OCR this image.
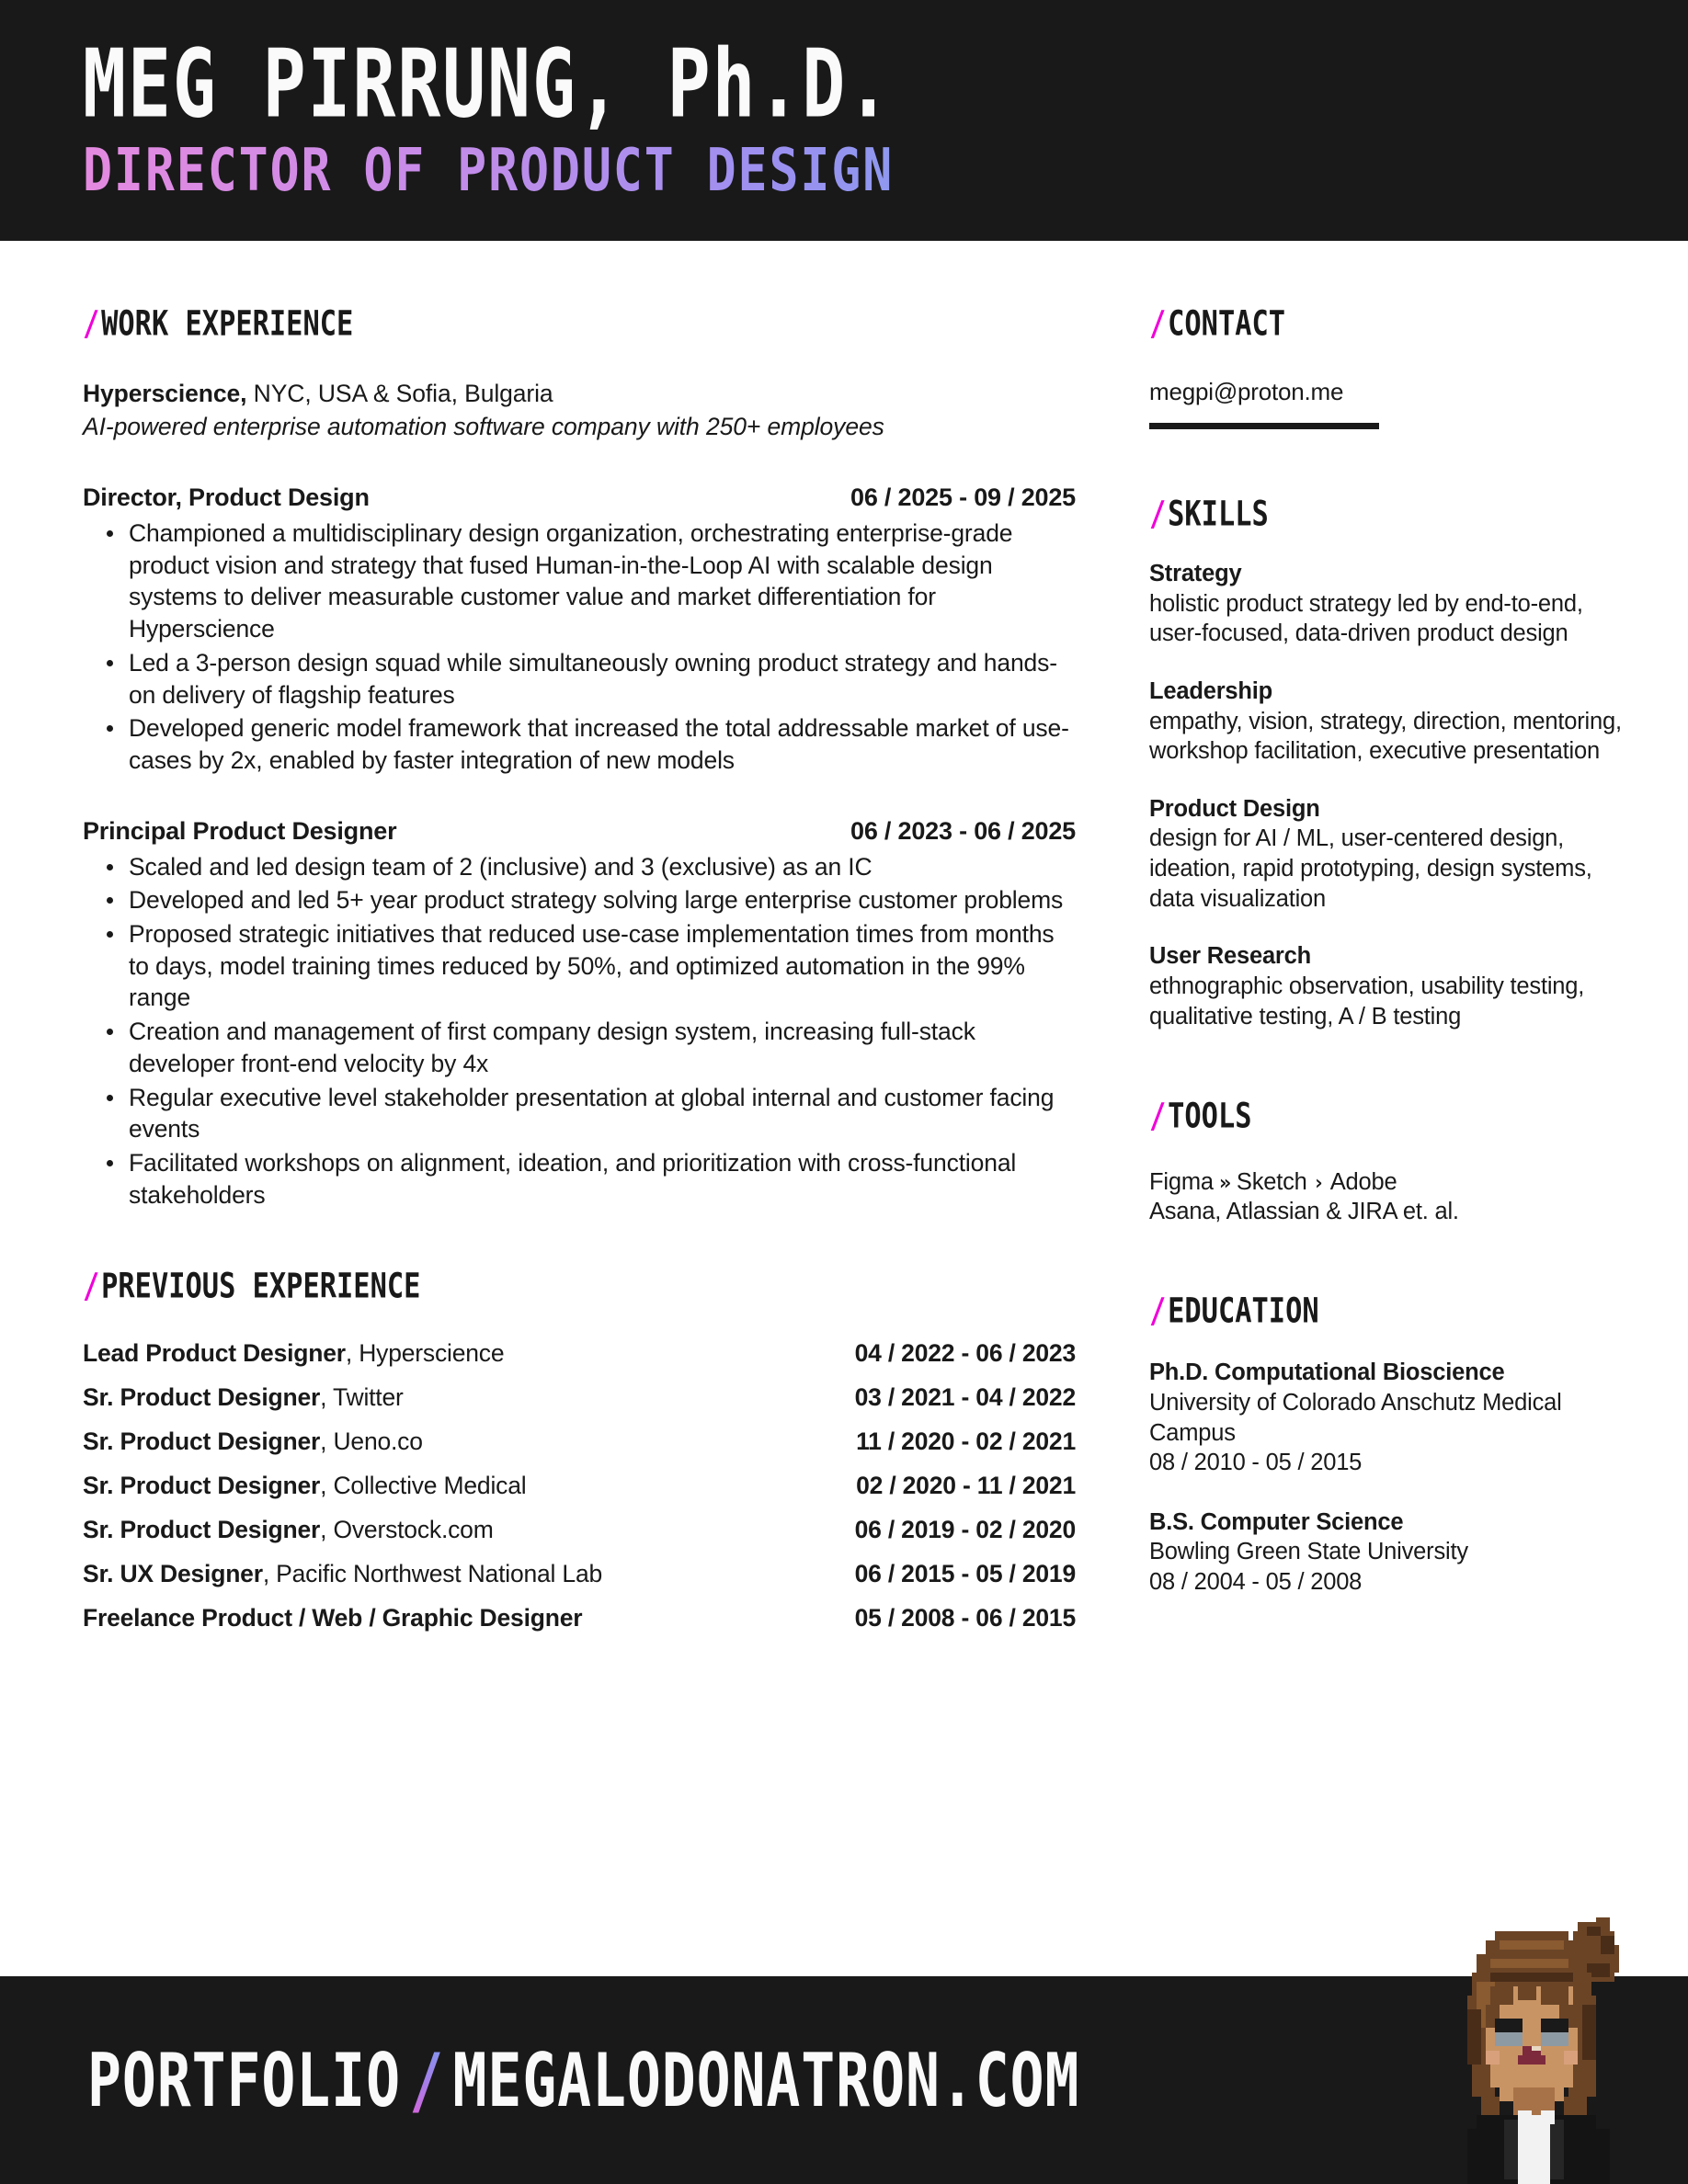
MEG PIRRUNG, Ph.D.
DIRECTOR OF PRODUCT DESIGN
/ WORK EXPERIENCE
Hyperscience, NYC, USA & Sofia, Bulgaria
AI-powered enterprise automation software company with 250+ employees
Director, Product Design	06 / 2025 - 09 / 2025
Championed a multidisciplinary design organization, orchestrating enterprise-grade product vision and strategy that fused Human-in-the-Loop AI with scalable design systems to deliver measurable customer value and market differentiation for Hyperscience
Led a 3-person design squad while simultaneously owning product strategy and hands-on delivery of flagship features
Developed generic model framework that increased the total addressable market of use-cases by 2x, enabled by faster integration of new models
Principal Product Designer	06 / 2023 - 06 / 2025
Scaled and led design team of 2 (inclusive) and 3 (exclusive) as an IC
Developed and led 5+ year product strategy solving large enterprise customer problems
Proposed strategic initiatives that reduced use-case implementation times from months to days, model training times reduced by 50%, and optimized automation in the 99% range
Creation and management of first company design system, increasing full-stack developer front-end velocity by 4x
Regular executive level stakeholder presentation at global internal and customer facing events
Facilitated workshops on alignment, ideation, and prioritization with cross-functional stakeholders
/ PREVIOUS EXPERIENCE
Lead Product Designer, Hyperscience	04 / 2022 - 06 / 2023
Sr. Product Designer, Twitter	03 / 2021 - 04 / 2022
Sr. Product Designer, Ueno.co	11 / 2020 - 02 / 2021
Sr. Product Designer, Collective Medical	02 / 2020 - 11 / 2021
Sr. Product Designer, Overstock.com	06 / 2019 - 02 / 2020
Sr. UX Designer, Pacific Northwest National Lab	06 / 2015 - 05 / 2019
Freelance Product / Web / Graphic Designer	05 / 2008 - 06 / 2015
/ CONTACT
megpi@proton.me
/ SKILLS
Strategy
holistic product strategy led by end-to-end, user-focused, data-driven product design
Leadership
empathy, vision, strategy, direction, mentoring, workshop facilitation, executive presentation
Product Design
design for AI / ML, user-centered design, ideation, rapid prototyping, design systems, data visualization
User Research
ethnographic observation, usability testing, qualitative testing, A / B testing
/ TOOLS
Figma » Sketch › Adobe
Asana, Atlassian & JIRA et. al.
/ EDUCATION
Ph.D. Computational Bioscience
University of Colorado Anschutz Medical Campus
08 / 2010 - 05 / 2015
B.S. Computer Science
Bowling Green State University
08 / 2004 - 05 / 2008
PORTFOLIO / MEGALODONATRON.COM
